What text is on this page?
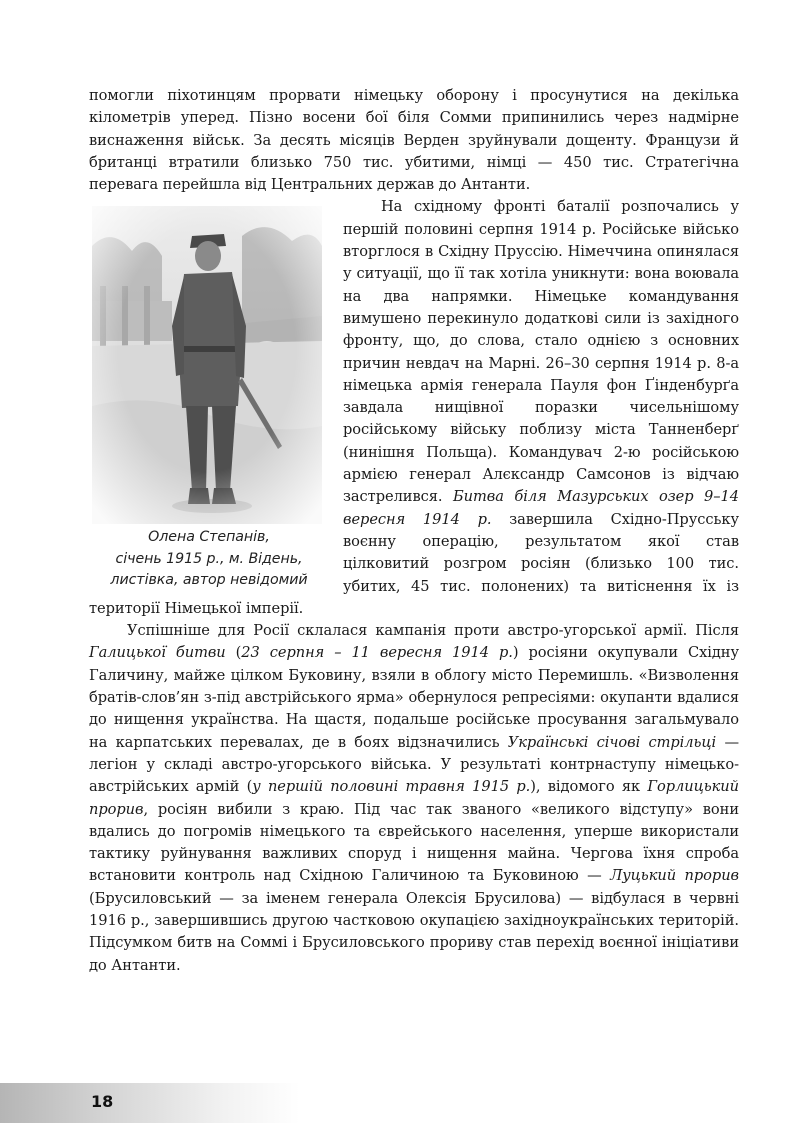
помогли піхотинцям прорвати німецьку оборону і просунутися на декілька кілометрів уперед. Пізно восени бої біля Сомми припинились через надмірне виснаження військ. За десять місяців Верден зруйнували дощенту. Французи й британці втратили близько 750 тис. убитими, німці — 450 тис. Стратегічна перевага перейшла від Центральних держав до Антанти.

Олена Степанів,
січень 1915 р., м. Відень,
листівка, автор невідомий

На східному фронті баталії розпочались у першій половині серпня 1914 р. Російське військо вторглося в Східну Пруссію. Німеччина опинялася у ситуації, що її так хотіла уникнути: вона воювала на два напрямки. Німецьке командування вимушено перекинуло додаткові сили із західного фронту, що, до слова, стало однією з основних причин невдач на Марні. 26–30 серпня 1914 р. 8-а німецька армія генерала Пауля фон Ґінденбурґа завдала нищівної поразки чисельнішому російському війську поблизу міста Танненберґ (нинішня Польща). Командувач 2-ю російською армією генерал Алєксандр Самсонов із відчаю застрелився. Битва біля Мазурських озер 9–14 вересня 1914 р. завершила Східно-Прусську воєнну операцію, результатом якої став цілковитий розгром росіян (близько 100 тис. убитих, 45 тис. полонених) та витіснення їх із території Німецької імперії.

Успішніше для Росії склалася кампанія проти австро-угорської армії. Після Галицької битви (23 серпня – 11 вересня 1914 р.) росіяни окупували Східну Галичину, майже цілком Буковину, взяли в облогу місто Перемишль. «Визволення братів-слов’ян з-під австрійського ярма» обернулося репресіями: окупанти вдалися до нищення українства. На щастя, подальше російське просування загальмувало на карпатських перевалах, де в боях відзначились Українські січові стрільці — легіон у складі австро-угорського війська. У результаті контрнаступу німецько-австрійських армій (у першій половині травня 1915 р.), відомого як Горлицький прорив, росіян вибили з краю. Під час так званого «великого відступу» вони вдались до погромів німецького та єврейського населення, уперше використали тактику руйнування важливих споруд і нищення майна. Чергова їхня спроба встановити контроль над Східною Галичиною та Буковиною — Луцький прорив (Брусиловський — за іменем генерала Олексія Брусилова) — відбулася в червні 1916 р., завершившись другою частковою окупацією західноукраїнських територій. Підсумком битв на Соммі і Брусиловського прориву став перехід воєнної ініціативи до Антанти.

18
